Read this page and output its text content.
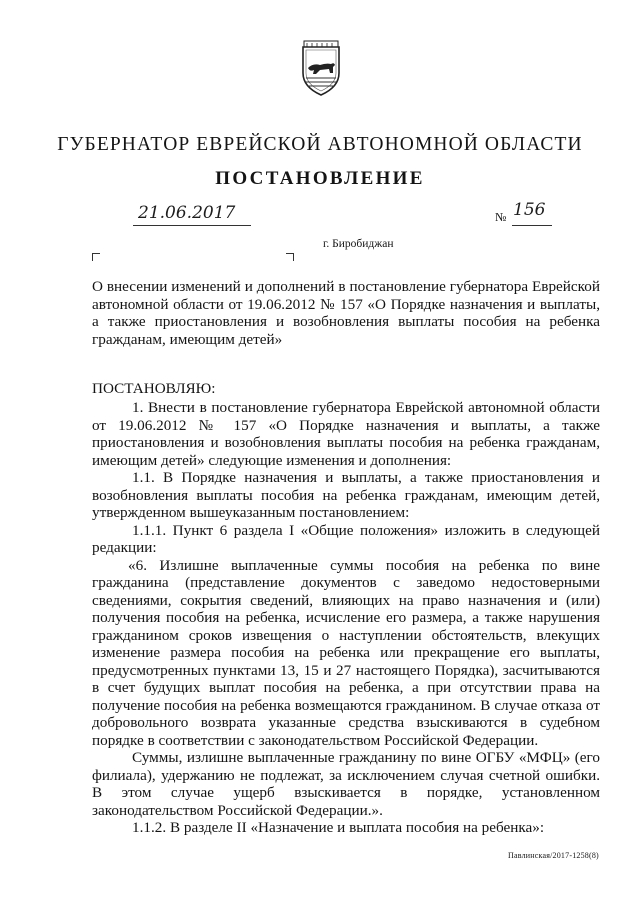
ГУБЕРНАТОР ЕВРЕЙСКОЙ АВТОНОМНОЙ ОБЛАСТИ
ПОСТАНОВЛЕНИЕ
21.06.2017	№ 156
г. Биробиджан
О внесении изменений и дополнений в постановление губернатора Еврейской автономной области от 19.06.2012 № 157 «О Порядке назначения и выплаты, а также приостановления и возобновления выплаты пособия на ребенка гражданам, имеющим детей»
ПОСТАНОВЛЯЮ:

1. Внести в постановление губернатора Еврейской автономной области от 19.06.2012 № 157 «О Порядке назначения и выплаты, а также приостановления и возобновления выплаты пособия на ребенка гражданам, имеющим детей» следующие изменения и дополнения:

1.1. В Порядке назначения и выплаты, а также приостановления и возобновления выплаты пособия на ребенка гражданам, имеющим детей, утвержденном вышеуказанным постановлением:

1.1.1. Пункт 6 раздела I «Общие положения» изложить в следующей редакции:

«6. Излишне выплаченные суммы пособия на ребенка по вине гражданина (представление документов с заведомо недостоверными сведениями, сокрытия сведений, влияющих на право назначения и (или) получения пособия на ребенка, исчисление его размера, а также нарушения гражданином сроков извещения о наступлении обстоятельств, влекущих изменение размера пособия на ребенка или прекращение его выплаты, предусмотренных пунктами 13, 15 и 27 настоящего Порядка), засчитываются в счет будущих выплат пособия на ребенка, а при отсутствии права на получение пособия на ребенка возмещаются гражданином. В случае отказа от добровольного возврата указанные средства взыскиваются в судебном порядке в соответствии с законодательством Российской Федерации.

Суммы, излишне выплаченные гражданину по вине ОГБУ «МФЦ» (его филиала), удержанию не подлежат, за исключением случая счетной ошибки. В этом случае ущерб взыскивается в порядке, установленном законодательством Российской Федерации.».

1.1.2. В разделе II «Назначение и выплата пособия на ребенка»:

Павлинская/2017-1258(8)
